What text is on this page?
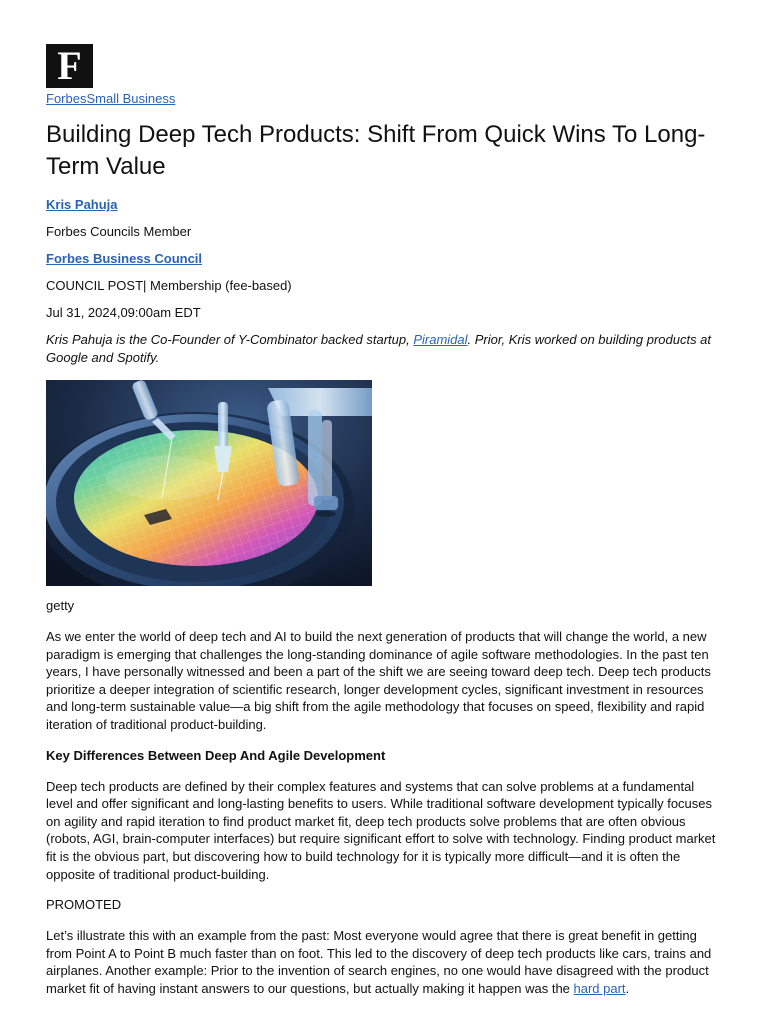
F
ForbesSmall Business
Building Deep Tech Products: Shift From Quick Wins To Long-Term Value

Kris Pahuja

Forbes Councils Member

Forbes Business Council

COUNCIL POST| Membership (fee-based)

Jul 31, 2024,09:00am EDT

Kris Pahuja is the Co-Founder of Y-Combinator backed startup, Piramidal. Prior, Kris worked on building products at Google and Spotify.

getty

As we enter the world of deep tech and AI to build the next generation of products that will change the world, a new paradigm is emerging that challenges the long-standing dominance of agile software methodologies. In the past ten years, I have personally witnessed and been a part of the shift we are seeing toward deep tech. Deep tech products prioritize a deeper integration of scientific research, longer development cycles, significant investment in resources and long-term sustainable value—a big shift from the agile methodology that focuses on speed, flexibility and rapid iteration of traditional product-building.

Key Differences Between Deep And Agile Development

Deep tech products are defined by their complex features and systems that can solve problems at a fundamental level and offer significant and long-lasting benefits to users. While traditional software development typically focuses on agility and rapid iteration to find product market fit, deep tech products solve problems that are often obvious (robots, AGI, brain-computer interfaces) but require significant effort to solve with technology. Finding product market fit is the obvious part, but discovering how to build technology for it is typically more difficult—and it is often the opposite of traditional product-building.

PROMOTED

Let’s illustrate this with an example from the past: Most everyone would agree that there is great benefit in getting from Point A to Point B much faster than on foot. This led to the discovery of deep tech products like cars, trains and airplanes. Another example: Prior to the invention of search engines, no one would have disagreed with the product market fit of having instant answers to our questions, but actually making it happen was the hard part.
